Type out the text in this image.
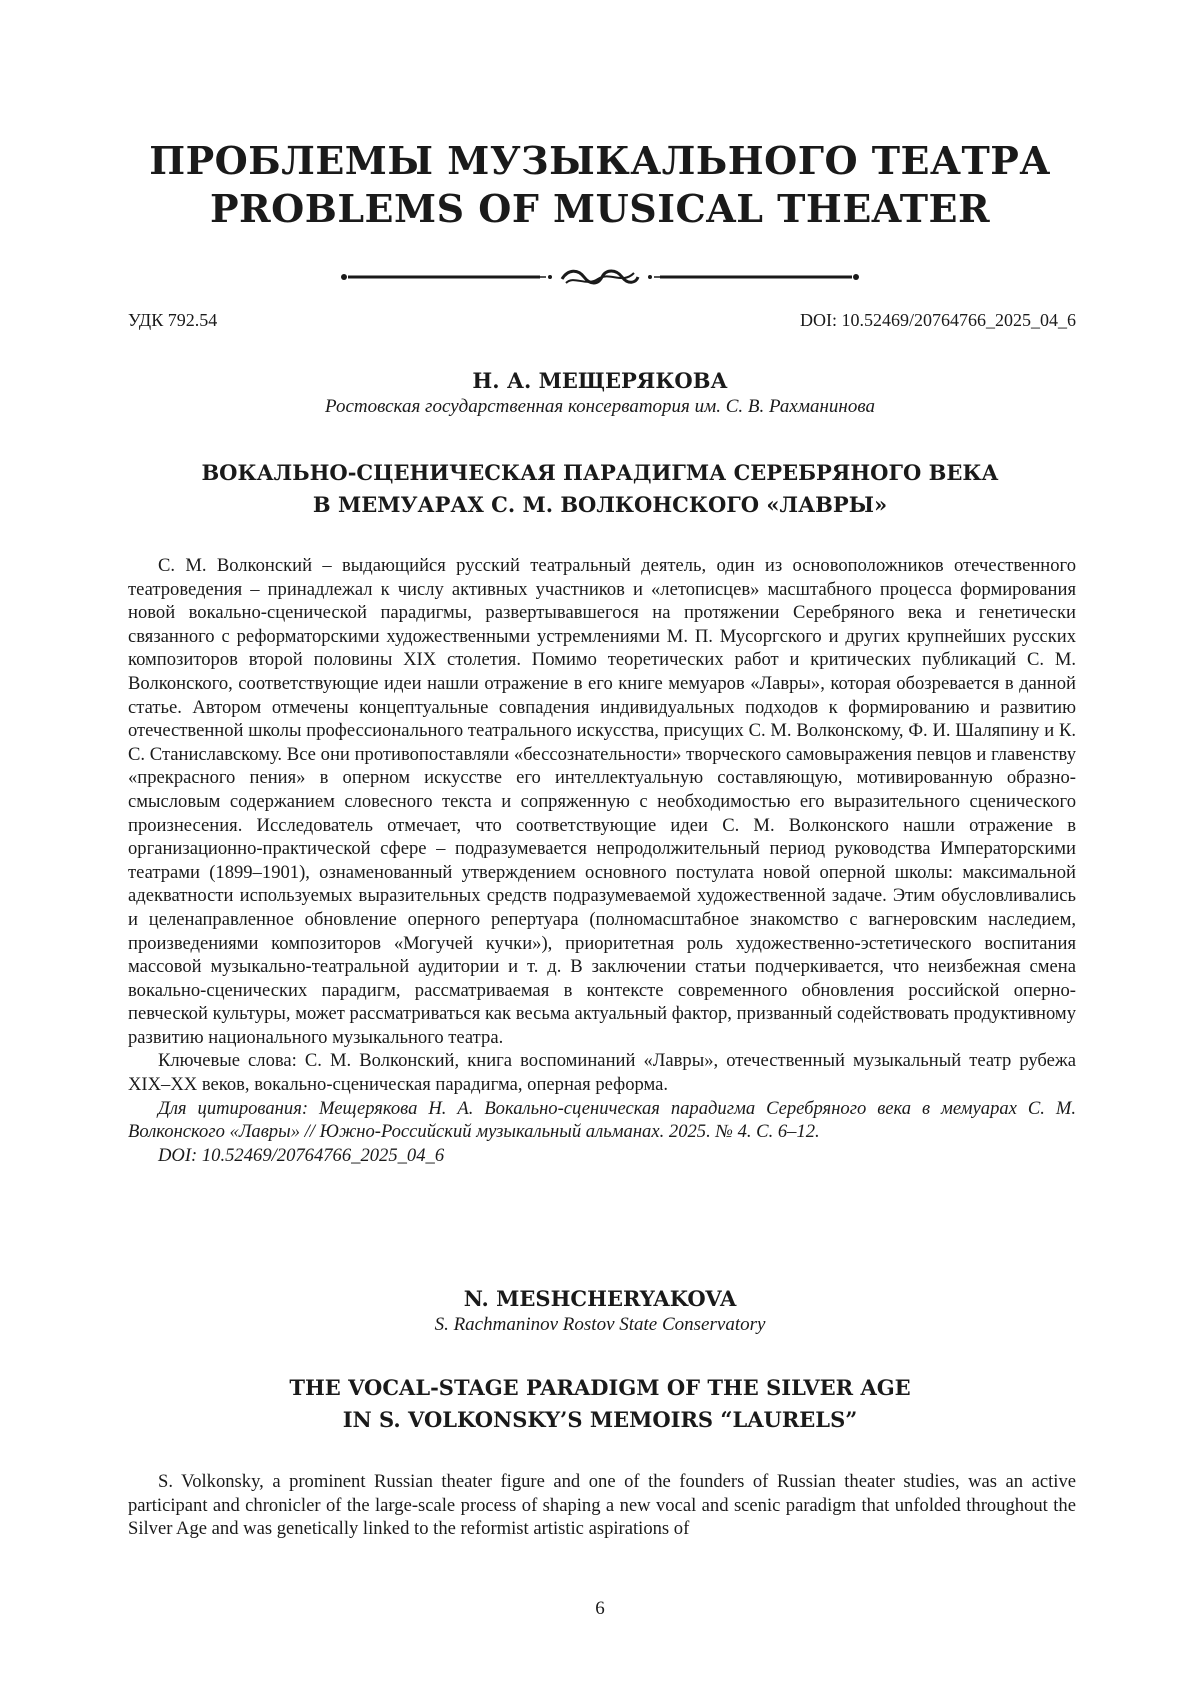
ПРОБЛЕМЫ МУЗЫКАЛЬНОГО ТЕАТРА
PROBLEMS OF MUSICAL THEATER
УДК 792.54	DOI: 10.52469/20764766_2025_04_6
Н. А. МЕЩЕРЯКОВА
Ростовская государственная консерватория им. С. В. Рахманинова
ВОКАЛЬНО-СЦЕНИЧЕСКАЯ ПАРАДИГМА СЕРЕБРЯНОГО ВЕКА
В МЕМУАРАХ С. М. ВОЛКОНСКОГО «ЛАВРЫ»

С. М. Волконский – выдающийся русский театральный деятель, один из основоположников отечественного театроведения – принадлежал к числу активных участников и «летописцев» масштабного процесса формирования новой вокально-сценической парадигмы, развертывавшегося на протяжении Серебряного века и генетически связанного с реформаторскими художественными устремлениями М. П. Мусоргского и других крупнейших русских композиторов второй половины XIX столетия. Помимо теоретических работ и критических публикаций С. М. Волконского, соответствующие идеи нашли отражение в его книге мемуаров «Лавры», которая обозревается в данной статье. Автором отмечены концептуальные совпадения индивидуальных подходов к формированию и развитию отечественной школы профессионального театрального искусства, присущих С. М. Волконскому, Ф. И. Шаляпину и К. С. Станиславскому. Все они противопоставляли «бессознательности» творческого самовыражения певцов и главенству «прекрасного пения» в оперном искусстве его интеллектуальную составляющую, мотивированную образно-смысловым содержанием словесного текста и сопряженную с необходимостью его выразительного сценического произнесения. Исследователь отмечает, что соответствующие идеи С. М. Волконского нашли отражение в организационно-практической сфере – подразумевается непродолжительный период руководства Императорскими театрами (1899–1901), ознаменованный утверждением основного постулата новой оперной школы: максимальной адекватности используемых выразительных средств подразумеваемой художественной задаче. Этим обусловливались и целенаправленное обновление оперного репертуара (полномасштабное знакомство с вагнеровским наследием, произведениями композиторов «Могучей кучки»), приоритетная роль художественно-эстетического воспитания массовой музыкально-театральной аудитории и т. д. В заключении статьи подчеркивается, что неизбежная смена вокально-сценических парадигм, рассматриваемая в контексте современного обновления российской оперно-певческой культуры, может рассматриваться как весьма актуальный фактор, призванный содействовать продуктивному развитию национального музыкального театра.

Ключевые слова: С. М. Волконский, книга воспоминаний «Лавры», отечественный музыкальный театр рубежа XIX–XX веков, вокально-сценическая парадигма, оперная реформа.

Для цитирования: Мещерякова Н. А. Вокально-сценическая парадигма Серебряного века в мемуарах С. М. Волконского «Лавры» // Южно-Российский музыкальный альманах. 2025. № 4. С. 6–12.

DOI: 10.52469/20764766_2025_04_6

N. MESHCHERYAKOVA
S. Rachmaninov Rostov State Conservatory
THE VOCAL-STAGE PARADIGM OF THE SILVER AGE
IN S. VOLKONSKY’S MEMOIRS “LAURELS”

S. Volkonsky, a prominent Russian theater figure and one of the founders of Russian theater studies, was an active participant and chronicler of the large-scale process of shaping a new vocal and scenic paradigm that unfolded throughout the Silver Age and was genetically linked to the reformist artistic aspirations of

6
